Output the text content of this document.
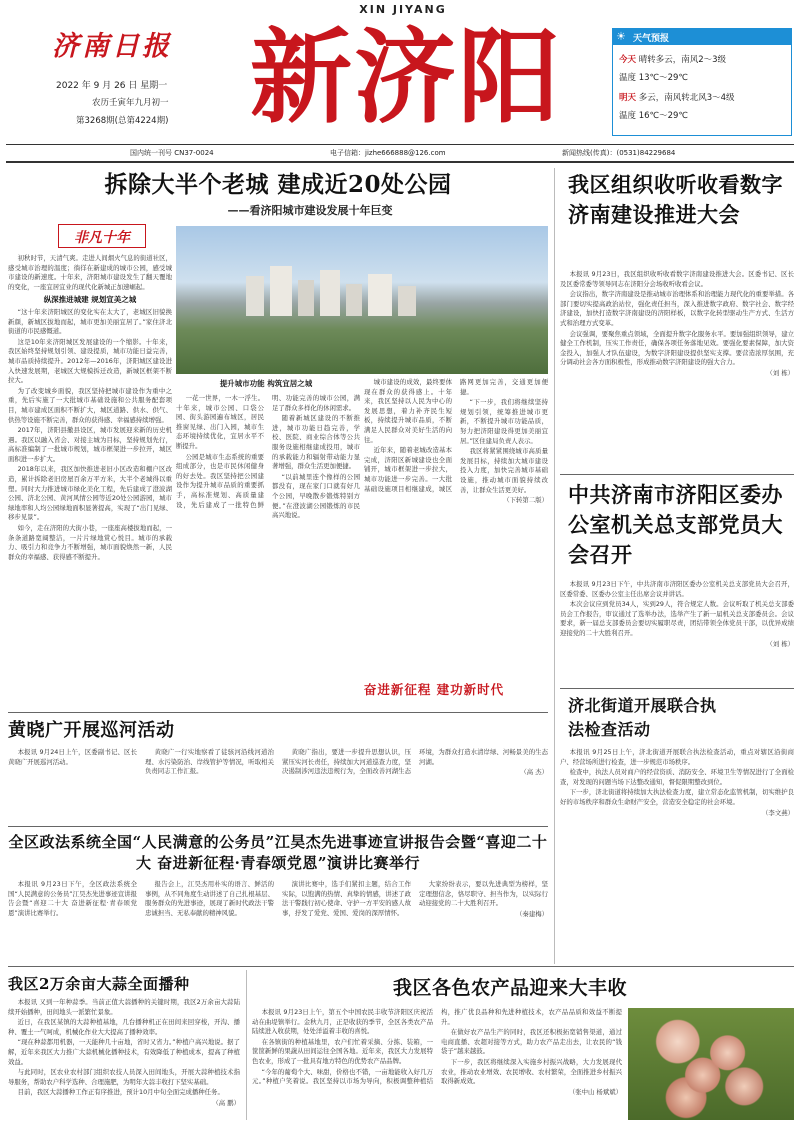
济南日报
2022 年 9 月 26 日 星期一
农历壬寅年九月初一
第3268期(总第4224期)
XIN JIYANG
新济阳	☀ 天气预报
今天 晴转多云，南风2～3级
温度 13℃～29℃
明天 多云，南风转北风3～4级
温度 16℃～29℃
国内统一刊号 CN37-0024	电子信箱：jizhe666888@126.com	新闻热线(传真)：(0531)84229684
拆除大半个老城 建成近20处公园
——看济阳城市建设发展十年巨变
非凡十年

初秋时节，天清气爽。走进人间烟火气息的街道社区，感受城市治理的温度；徜徉在新建成的城市公园，感受城市建设的新速度。十年来，济阳城市建设发生了翻天覆地的变化，一座宜居宜业的现代化新城正加速崛起。

纵深推进城建 规划宣美之城

“这十年来济阳城区的变化实在太大了，老城区旧貌换新颜，新城区拔地而起，城市更加美丽宜居了。”家住济北街道的市民感慨道。

这是10年来济阳城区发展建设的一个缩影。十年来，我区始终坚持规划引领、建设提质，城市功能日益完善，城市品质持续提升。2012年—2016年，济阳城区建设进入快速发展期，老城区大规模拆迁改造，新城区框架不断拉大。

为了改变城乡面貌，我区坚持把城市建设作为重中之重，先后实施了一大批城市基础设施和公共服务配套项目，城市建成区面积不断扩大，城区道路、供水、供气、供热等设施不断完善，群众的获得感、幸福感持续增强。

2017年，济阳县撤县设区，城市发展迎来新的历史机遇。我区以融入省会、对接主城为目标，坚持规划先行，高标准编制了一批城市规划，城市框架进一步拉开，城区面积进一步扩大。

2018年以来，我区加快推进老旧小区改造和棚户区改造，累计拆除老旧房屋百余万平方米，大半个老城得以重塑。同时大力推进城市绿化美化工程，先后建成了澄波湖公园、济北公园、黄河风情公园等近20处公园游园，城市绿地率和人均公园绿地面积显著提高，实现了“出门见绿、移步见景”。

如今，走在济阳的大街小巷，一座座高楼拔地而起，一条条道路宽阔整洁，一片片绿地赏心悦目。城市的承载力、吸引力和竞争力不断增强，城市面貌焕然一新，人民群众的幸福感、获得感不断提升。

提升城市功能 构筑宜居之城

一花一世界，一木一浮生。十年来，城市公园、口袋公园、街头游园遍布城区，居民推窗见绿、出门入园，城市生态环境持续优化，宜居水平不断提升。

公园是城市生态系统的重要组成部分，也是市民休闲健身的好去处。我区坚持把公园建设作为提升城市品质的重要抓手，高标准规划、高质量建设，先后建成了一批特色鲜明、功能完善的城市公园，满足了群众多样化的休闲需求。

随着新城区建设的不断推进，城市功能日趋完善，学校、医院、商业综合体等公共服务设施相继建成投用，城市的承载能力和辐射带动能力显著增强，群众生活更加便捷。

“以前城里连个像样的公园都没有，现在家门口就有好几个公园，早晚散步锻炼特别方便。”在澄波湖公园锻炼的市民高兴地说。

城市建设的成效，最终要体现在群众的获得感上。十年来，我区坚持以人民为中心的发展思想，着力补齐民生短板，持续提升城市品质，不断满足人民群众对美好生活的向往。

近年来，随着老城改造基本完成，济阳区新城建设也全面铺开，城市框架进一步拉大，城市功能进一步完善。一大批基础设施项目相继建成，城区路网更加完善，交通更加便捷。

“下一步，我们将继续坚持规划引领，统筹推进城市更新，不断提升城市功能品质，努力把济阳建设得更加美丽宜居。”区住建局负责人表示。

我区将紧紧围绕城市高质量发展目标，持续加大城市建设投入力度，加快完善城市基础设施，推动城市面貌持续改善，让群众生活更美好。

（下转第二版）

奋进新征程 建功新时代
黄晓广开展巡河活动

本报讯 9月24日上午，区委副书记、区长黄晓广开展巡河活动。

黄晓广一行实地察看了徒骇河沿线河道治理、水污染防治、岸线管护等情况，听取相关负责同志工作汇报。

黄晓广指出，要进一步提升思想认识，压紧压实河长责任，持续加大河道巡查力度，坚决遏制涉河违法违规行为，全面改善河湖生态环境，为群众打造水清岸绿、河畅景美的生态河湖。

（高 杰）

全区政法系统全国“人民满意的公务员”江昊杰先进事迹宣讲报告会暨“喜迎二十大 奋进新征程·青春颂党恩”演讲比赛举行

本报讯 9月23日下午，全区政法系统全国“人民满意的公务员”江昊杰先进事迹宣讲报告会暨“喜迎二十大 奋进新征程·青春颂党恩”演讲比赛举行。

报告会上，江昊杰用朴实的语言、鲜活的事例，从不同角度生动讲述了自己扎根基层、服务群众的先进事迹，展现了新时代政法干警忠诚担当、无私奉献的精神风貌。

演讲比赛中，选手们紧扣主题，结合工作实际，以饱满的热情、真挚的情感，讲述了政法干警践行初心使命、守护一方平安的感人故事，抒发了爱党、爱国、爱岗的深厚情怀。

大家纷纷表示，要以先进典型为榜样，坚定理想信念，恪尽职守、担当作为，以实际行动迎接党的二十大胜利召开。

（秦建梅）

我区组织收听收看数字济南建设推进大会

本报讯 9月23日，我区组织收听收看数字济南建设推进大会。区委书记、区长及区委常委等领导同志在济阳分会场收听收看会议。

会议指出，数字济南建设是推动城市治理体系和治理能力现代化的重要举措。各部门要切实提高政治站位，强化责任担当，深入推进数字政府、数字社会、数字经济建设，加快打造数字济南建设的济阳样板，以数字化转型驱动生产方式、生活方式和治理方式变革。

会议强调，要聚焦重点领域，全面提升数字化服务水平。要加强组织领导，建立健全工作机制，压实工作责任，确保各项任务落地见效。要强化要素保障，加大资金投入，加强人才队伍建设，为数字济阳建设提供坚实支撑。要营造浓厚氛围，充分调动社会各方面积极性，形成推动数字济阳建设的强大合力。

（刘 栋）

中共济南市济阳区委办公室机关总支部党员大会召开

本报讯 9月23日下午，中共济南市济阳区委办公室机关总支部党员大会召开，区委常委、区委办公室主任出席会议并讲话。

本次会议应到党员34人，实到29人，符合规定人数。会议听取了机关总支部委员会工作报告，审议通过了选举办法，选举产生了新一届机关总支部委员会。会议要求，新一届总支部委员会要切实履职尽责，团结带领全体党员干部，以优异成绩迎接党的二十大胜利召开。

（刘 栋）

济北街道开展联合执法检查活动

本报讯 9月25日上午，济北街道开展联合执法检查活动，重点对辖区沿街商户、经营场所进行检查，进一步规范市场秩序。

检查中，执法人员对商户的经营资质、消防安全、环境卫生等情况进行了全面检查，对发现的问题当场下达整改通知，督促限期整改到位。

下一步，济北街道将持续加大执法检查力度，建立常态化监管机制，切实维护良好的市场秩序和群众生命财产安全，营造安全稳定的社会环境。

（李文燕）

我区2万余亩大蒜全面播种

本报讯 又到一年种蒜季。当前正值大蒜播种的关键时期，我区2万余亩大蒜陆续开始播种，田间地头一派繁忙景象。

近日，在我区某镇的大蒜种植基地，几台播种机正在田间来回穿梭，开沟、播种、覆土一气呵成，机械化作业大大提高了播种效率。

“现在种蒜都用机器，一天能种几十亩地，省时又省力。”种植户高兴地说。据了解，近年来我区大力推广大蒜机械化播种技术，有效降低了种植成本，提高了种植效益。

与此同时，区农业农村部门组织农技人员深入田间地头，开展大蒜种植技术指导服务，帮助农户科学选种、合理施肥，为明年大蒜丰收打下坚实基础。

目前，我区大蒜播种工作正有序推进，预计10月中旬全面完成播种任务。

（高 鹏）

我区各色农产品迎来大丰收

本报讯 9月23日上午，第五个中国农民丰收节济阳区庆祝活动在曲堤镇举行。金秋九月，正是收获的季节，全区各类农产品陆续进入收获期，处处洋溢着丰收的喜悦。

在各镇街的种植基地里，农户们忙着采摘、分拣、装箱，一筐筐新鲜的果蔬从田间运往全国各地。近年来，我区大力发展特色农业，形成了一批具有地方特色的优势农产品品牌。

“今年的葡萄个大、味甜，价格也不错，一亩地能收入好几万元。”种植户笑着说。我区坚持以市场为导向，积极调整种植结构，推广优良品种和先进种植技术，农产品品质和效益不断提升。

在做好农产品生产的同时，我区还积极拓宽销售渠道，通过电商直播、农超对接等方式，助力农产品走出去，让农民的“钱袋子”越来越鼓。

下一步，我区将继续深入实施乡村振兴战略，大力发展现代农业，推动农业增效、农民增收、农村繁荣，全面推进乡村振兴取得新成效。

（张中山 杨斌斌）
